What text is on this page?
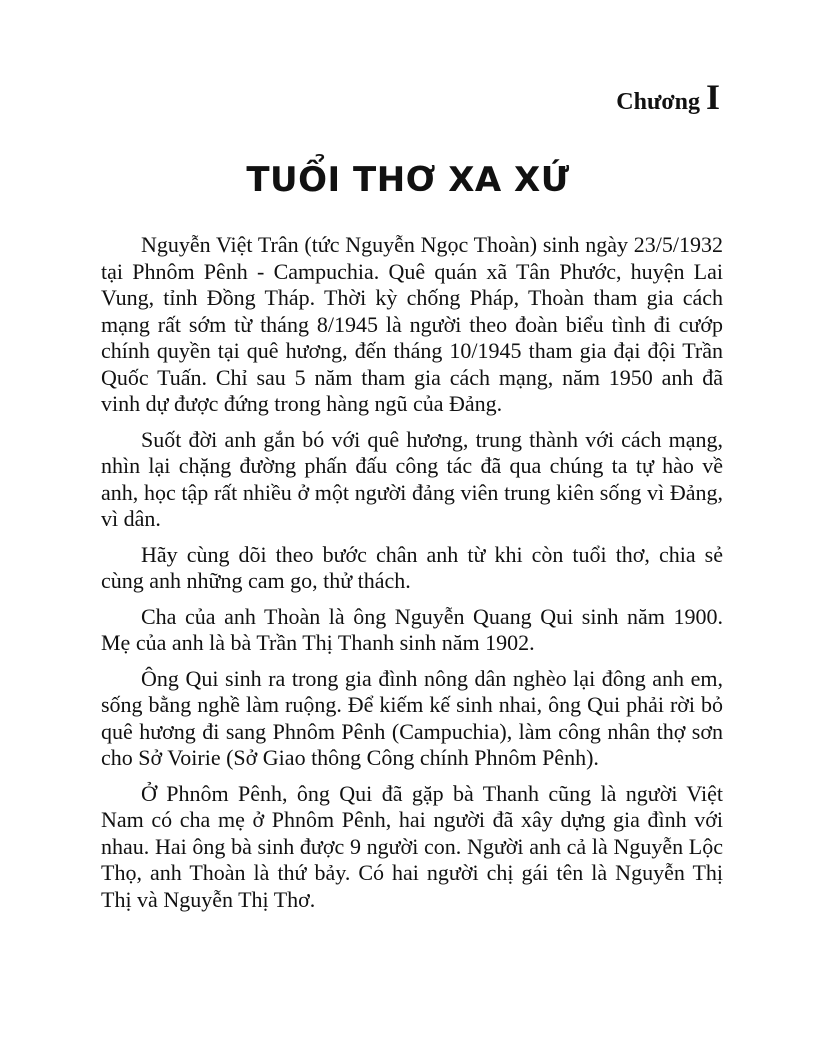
Chương I
TUỔI THƠ XA XỨ

Nguyễn Việt Trân (tức Nguyễn Ngọc Thoàn) sinh ngày 23/5/1932 tại Phnôm Pênh - Campuchia. Quê quán xã Tân Phước, huyện Lai Vung, tỉnh Đồng Tháp. Thời kỳ chống Pháp, Thoàn tham gia cách mạng rất sớm từ tháng 8/1945 là người theo đoàn biểu tình đi cướp chính quyền tại quê hương, đến tháng 10/1945 tham gia đại đội Trần Quốc Tuấn. Chỉ sau 5 năm tham gia cách mạng, năm 1950 anh đã vinh dự được đứng trong hàng ngũ của Đảng.

Suốt đời anh gắn bó với quê hương, trung thành với cách mạng, nhìn lại chặng đường phấn đấu công tác đã qua chúng ta tự hào về anh, học tập rất nhiều ở một người đảng viên trung kiên sống vì Đảng, vì dân.

Hãy cùng dõi theo bước chân anh từ khi còn tuổi thơ, chia sẻ cùng anh những cam go, thử thách.

Cha của anh Thoàn là ông Nguyễn Quang Qui sinh năm 1900. Mẹ của anh là bà Trần Thị Thanh sinh năm 1902.

Ông Qui sinh ra trong gia đình nông dân nghèo lại đông anh em, sống bằng nghề làm ruộng. Để kiếm kế sinh nhai, ông Qui phải rời bỏ quê hương đi sang Phnôm Pênh (Campuchia), làm công nhân thợ sơn cho Sở Voirie (Sở Giao thông Công chính Phnôm Pênh).

Ở Phnôm Pênh, ông Qui đã gặp bà Thanh cũng là người Việt Nam có cha mẹ ở Phnôm Pênh, hai người đã xây dựng gia đình với nhau. Hai ông bà sinh được 9 người con. Người anh cả là Nguyễn Lộc Thọ, anh Thoàn là thứ bảy. Có hai người chị gái tên là Nguyễn Thị Thị và Nguyễn Thị Thơ.
